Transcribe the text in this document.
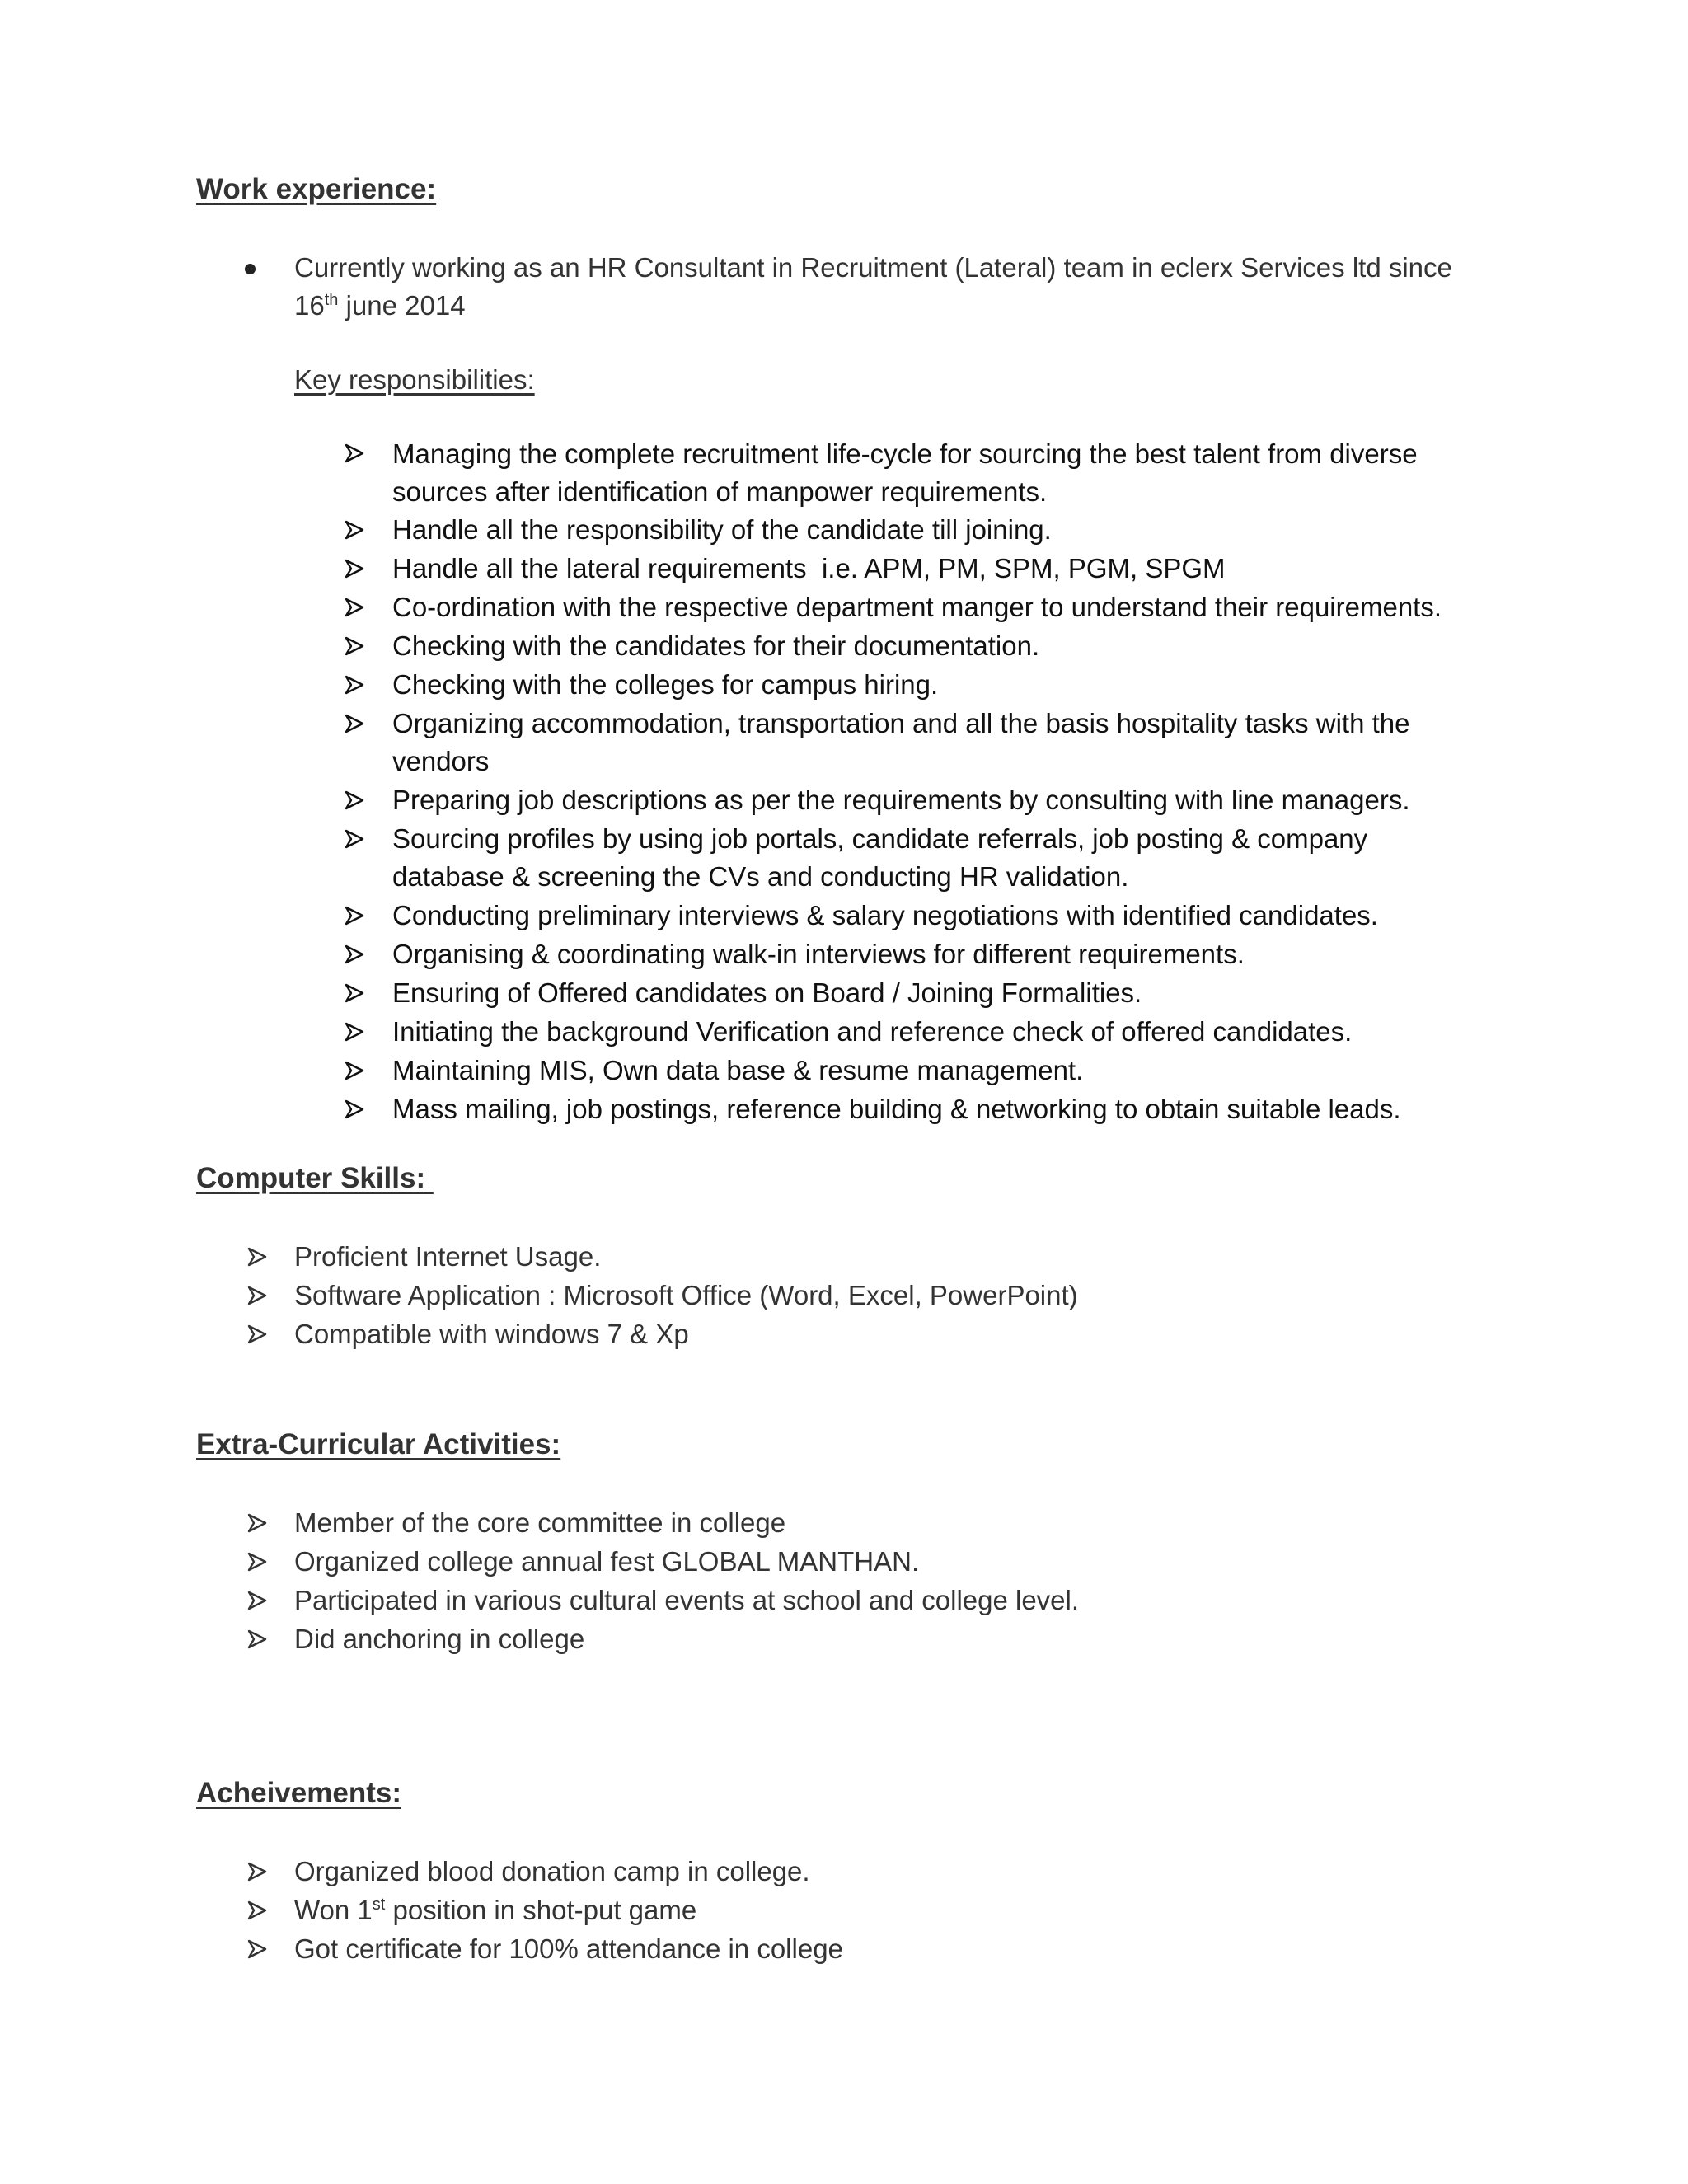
Work experience:

Currently working as an HR Consultant in Recruitment (Lateral) team in eclerx Services ltd since
16th june 2014

Key responsibilities:

Managing the complete recruitment life-cycle for sourcing the best talent from diverse sources after identification of manpower requirements.

Handle all the responsibility of the candidate till joining.

Handle all the lateral requirements  i.e. APM, PM, SPM, PGM, SPGM

Co-ordination with the respective department manger to understand their requirements.

Checking with the candidates for their documentation.

Checking with the colleges for campus hiring.

Organizing accommodation, transportation and all the basis hospitality tasks with the vendors

Preparing job descriptions as per the requirements by consulting with line managers.

Sourcing profiles by using job portals, candidate referrals, job posting & company database & screening the CVs and conducting HR validation.

Conducting preliminary interviews & salary negotiations with identified candidates.

Organising & coordinating walk-in interviews for different requirements.

Ensuring of Offered candidates on Board / Joining Formalities.

Initiating the background Verification and reference check of offered candidates.

Maintaining MIS, Own data base & resume management.

Mass mailing, job postings, reference building & networking to obtain suitable leads.

Computer Skills:

Proficient Internet Usage.

Software Application : Microsoft Office (Word, Excel, PowerPoint)

Compatible with windows 7 & Xp

Extra-Curricular Activities:

Member of the core committee in college

Organized college annual fest GLOBAL MANTHAN.

Participated in various cultural events at school and college level.

Did anchoring in college

Acheivements:

Organized blood donation camp in college.

Won 1st position in shot-put game

Got certificate for 100% attendance in college
